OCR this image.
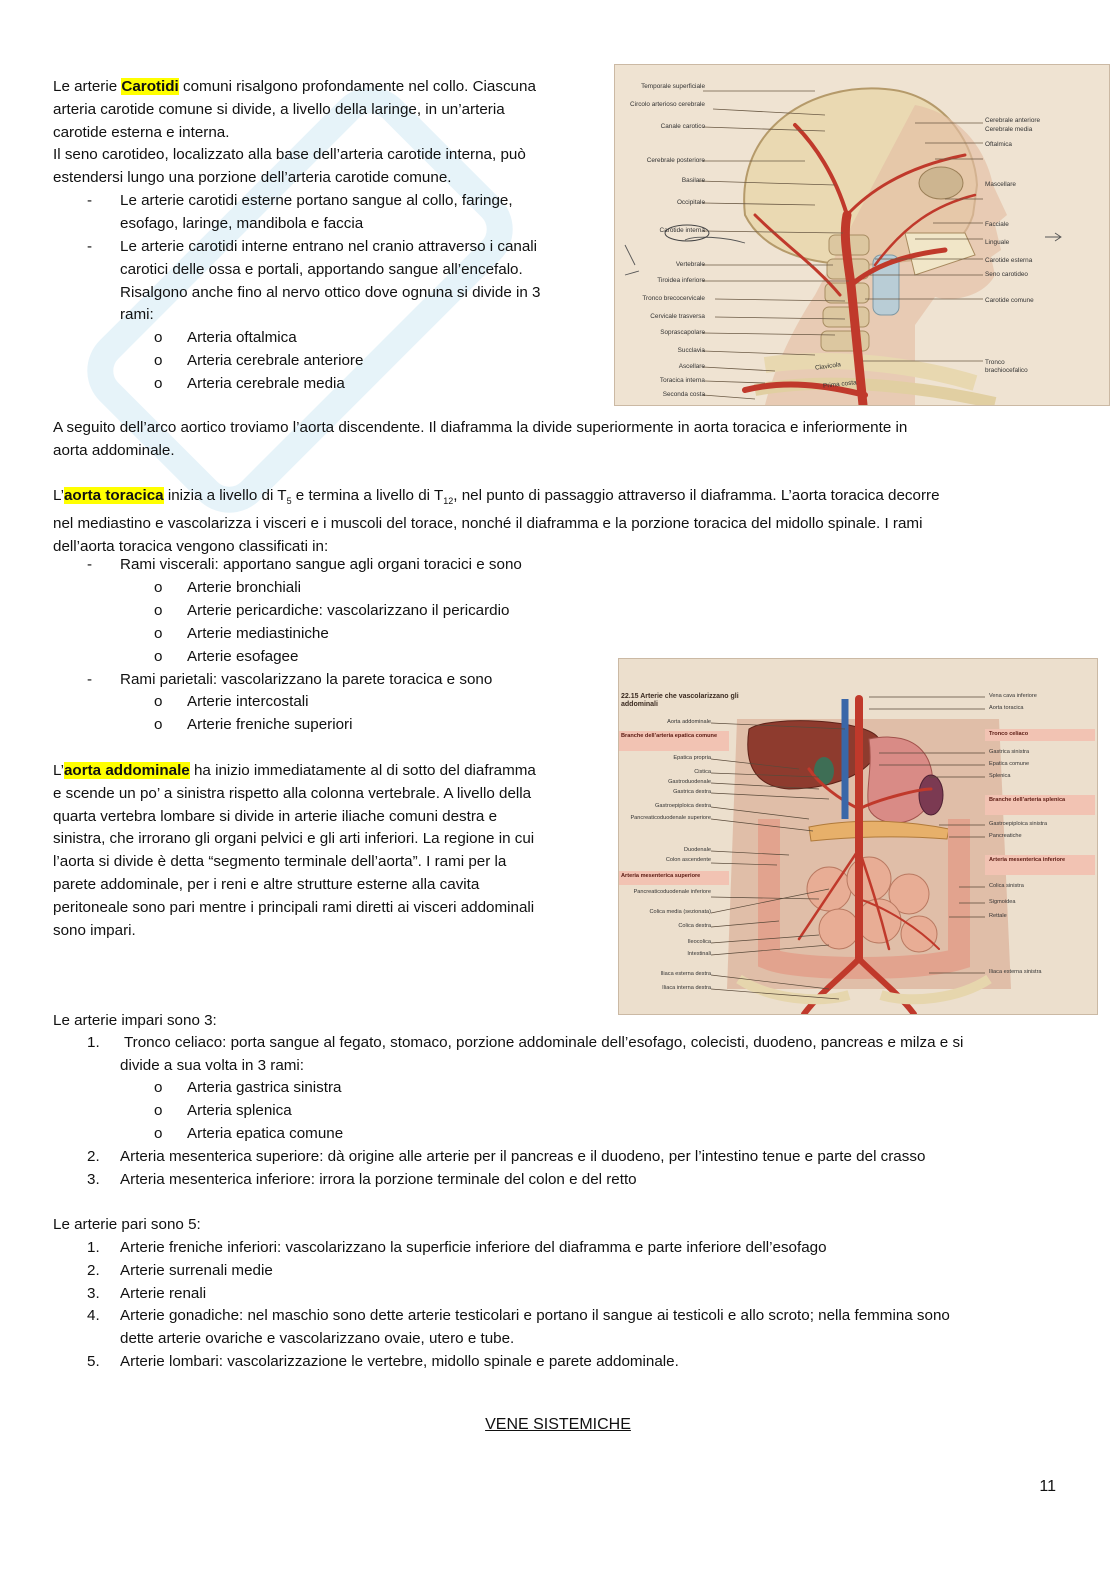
Le arterie Carotidi comuni risalgono profondamente nel collo. Ciascuna
arteria carotide comune si divide, a livello della laringe, in un’arteria
carotide esterna e interna.
Il seno carotideo, localizzato alla base dell’arteria carotide interna, può
estendersi lungo una porzione dell’arteria carotide comune.
- Le arterie carotidi esterne portano sangue al collo, faringe,
esofago, laringe, mandibola e faccia
- Le arterie carotidi interne entrano nel cranio attraverso i canali
carotici delle ossa e portali, apportando sangue all’encefalo.
Risalgono anche fino al nervo ottico dove ognuna si divide in 3
rami:
o Arteria oftalmica
o Arteria cerebrale anteriore
o Arteria cerebrale media
Temporale superficiale
Circolo arterioso cerebrale
Canale carotico
Cerebrale posteriore
Basilare
Occipitale
Carotide interna
Vertebrale
Tiroidea inferiore
Tronco brecocervicale
Cervicale trasversa
Soprascapolare
Succlavia
Ascellare
Toracica interna
Seconda costa
Cerebrale anteriore
Cerebrale media
Oftalmica
Mascellare
Facciale
Linguale
Carotide esterna
Seno carotideo
Carotide comune
Tronco brachiocefalico
Clavicola
Prima costa
A seguito dell’arco aortico troviamo l’aorta discendente. Il diaframma la divide superiormente in aorta toracica e inferiormente in
aorta addominale.
L’aorta toracica inizia a livello di $T_5$ e termina a livello di $T_{12}$, nel punto di passaggio attraverso il diaframma. L’aorta toracica decorre
nel mediastino e vascolarizza i visceri e i muscoli del torace, nonché il diaframma e la porzione toracica del midollo spinale. I rami
dell’aorta toracica vengono classificati in:
- Rami viscerali: apportano sangue agli organi toracici e sono
o Arterie bronchiali
o Arterie pericardiche: vascolarizzano il pericardio
o Arterie mediastiniche
o Arterie esofagee
- Rami parietali: vascolarizzano la parete toracica e sono
o Arterie intercostali
o Arterie freniche superiori
L’aorta addominale ha inizio immediatamente al di sotto del diaframma
e scende un po’ a sinistra rispetto alla colonna vertebrale. A livello della
quarta vertebra lombare si divide in arterie iliache comuni destra e
sinistra, che irrorano gli organi pelvici e gli arti inferiori. La regione in cui
l’aorta si divide è detta “segmento terminale dell’aorta”. I rami per la
parete addominale, per i reni e altre strutture esterne alla cavita
peritoneale sono pari mentre i principali rami diretti ai visceri addominali
sono impari.
22.15 Arterie che vascolarizzano gli addominali
Aorta addominale
Epatica propria
Cistica
Gastroduodenale
Gastrica destra
Gastroepiploica destra
Pancreaticoduodenale superiore
Duodenale
Colon ascendente
Pancreaticoduodenale inferiore
Colica media (sezionata)
Colica destra
Ileocolica
Intestinali
Iliaca esterna destra
Iliaca interna destra
Branche dell’arteria epatica comune
Arteria mesenterica superiore
Vena cava inferiore
Aorta toracica
Gastrica sinistra
Epatica comune
Splenica
Gastroepiploica sinistra
Pancreatiche
Colica sinistra
Sigmoidea
Rettale
Iliaca esterna sinistra
Tronco celiaco
Branche dell’arteria splenica
Arteria mesenterica inferiore
Le arterie impari sono 3:
1. Tronco celiaco: porta sangue al fegato, stomaco, porzione addominale dell’esofago, colecisti, duodeno, pancreas e milza e si
divide a sua volta in 3 rami:
o Arteria gastrica sinistra
o Arteria splenica
o Arteria epatica comune
2. Arteria mesenterica superiore: dà origine alle arterie per il pancreas e il duodeno, per l’intestino tenue e parte del crasso
3. Arteria mesenterica inferiore: irrora la porzione terminale del colon e del retto
Le arterie pari sono 5:
1. Arterie freniche inferiori: vascolarizzano la superficie inferiore del diaframma e parte inferiore dell’esofago
2. Arterie surrenali medie
3. Arterie renali
4. Arterie gonadiche: nel maschio sono dette arterie testicolari e portano il sangue ai testicoli e allo scroto; nella femmina sono
dette arterie ovariche e vascolarizzano ovaie, utero e tube.
5. Arterie lombari: vascolarizzazione le vertebre, midollo spinale e parete addominale.
VENE SISTEMICHE
11
